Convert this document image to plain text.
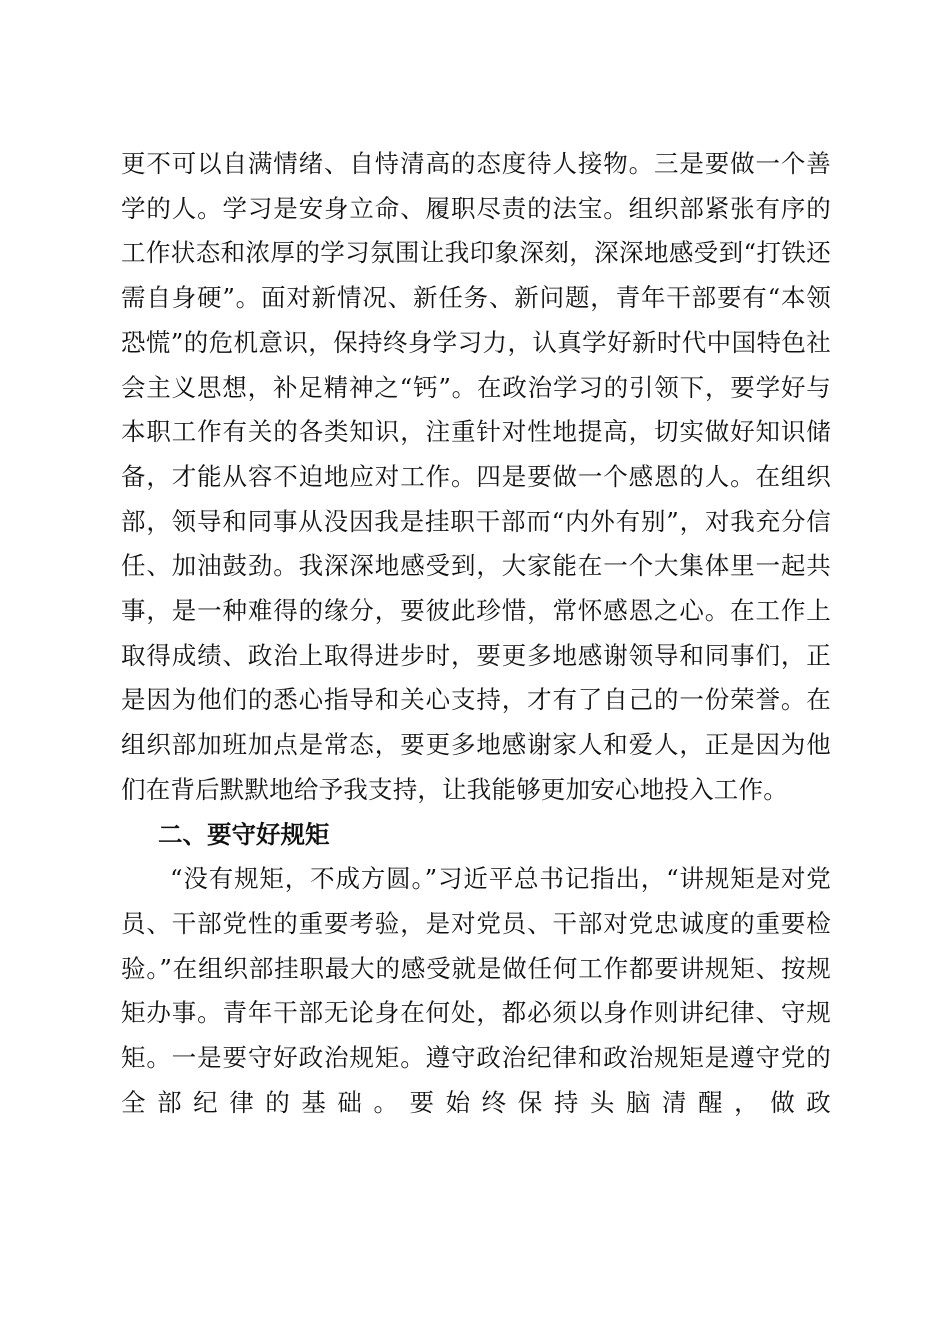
更不可以自满情绪、自恃清高的态度待人接物。三是要做一个善学的人。学习是安身立命、履职尽责的法宝。组织部紧张有序的工作状态和浓厚的学习氛围让我印象深刻，深深地感受到“打铁还需自身硬”。面对新情况、新任务、新问题，青年干部要有“本领恐慌”的危机意识，保持终身学习力，认真学好新时代中国特色社会主义思想，补足精神之“钙”。在政治学习的引领下，要学好与本职工作有关的各类知识，注重针对性地提高，切实做好知识储备，才能从容不迫地应对工作。四是要做一个感恩的人。在组织部，领导和同事从没因我是挂职干部而“内外有别”，对我充分信任、加油鼓劲。我深深地感受到，大家能在一个大集体里一起共事，是一种难得的缘分，要彼此珍惜，常怀感恩之心。在工作上取得成绩、政治上取得进步时，要更多地感谢领导和同事们，正是因为他们的悉心指导和关心支持，才有了自己的一份荣誉。在组织部加班加点是常态，要更多地感谢家人和爱人，正是因为他们在背后默默地给予我支持，让我能够更加安心地投入工作。

二、要守好规矩

“没有规矩，不成方圆。”习近平总书记指出，“讲规矩是对党员、干部党性的重要考验，是对党员、干部对党忠诚度的重要检验。”在组织部挂职最大的感受就是做任何工作都要讲规矩、按规矩办事。青年干部无论身在何处，都必须以身作则讲纪律、守规矩。一是要守好政治规矩。遵守政治纪律和政治规矩是遵守党的全部纪律的基础。要始终保持头脑清醒，做政
